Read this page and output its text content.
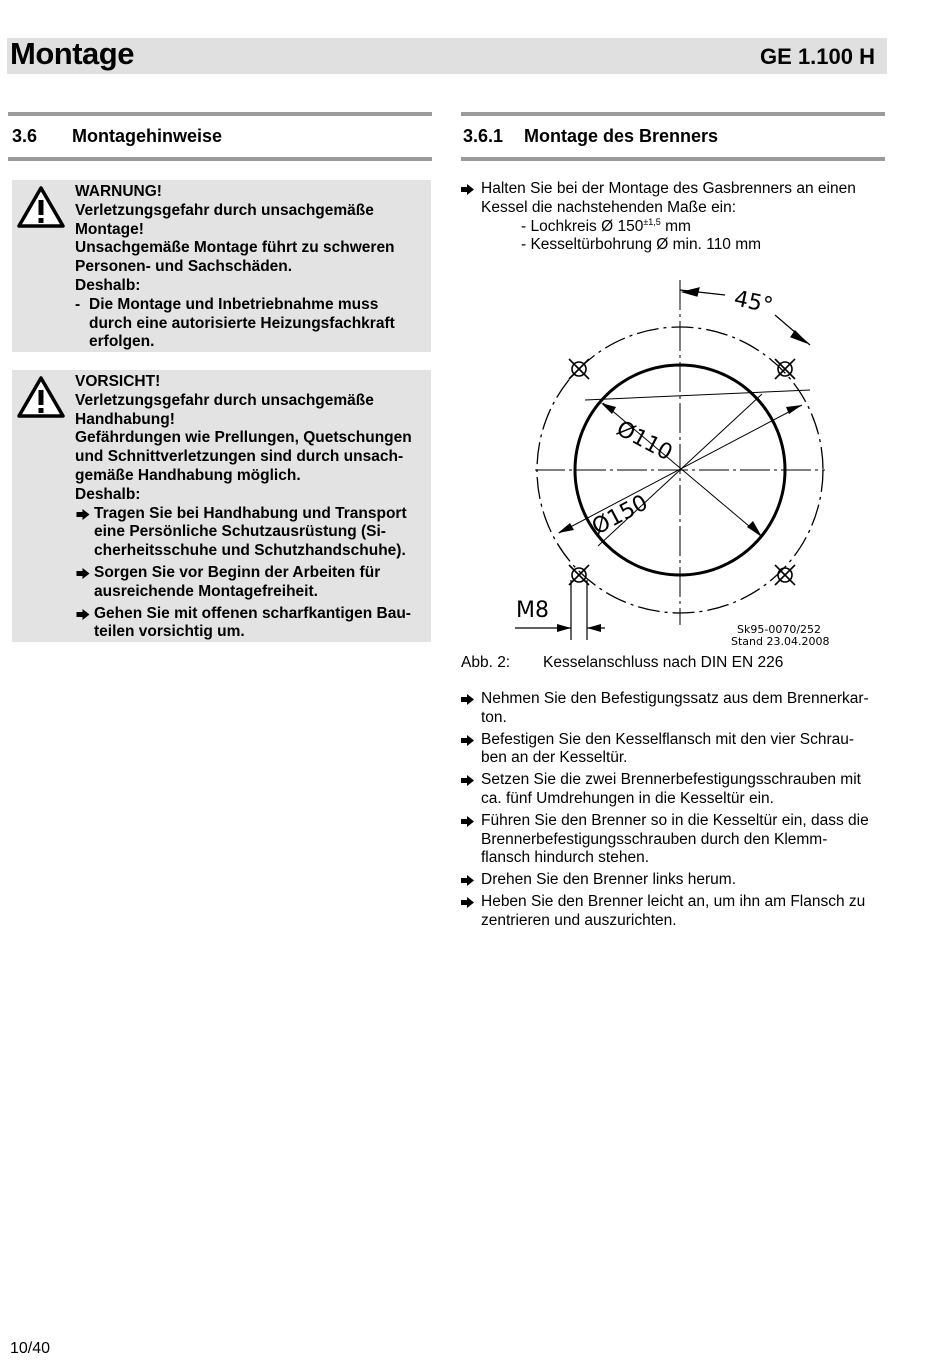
Montage	GE 1.100 H
3.6 Montagehinweise	3.6.1 Montage des Brenners
WARNUNG!
Verletzungsgefahr durch unsachgemäße
Montage!
Unsachgemäße Montage führt zu schweren
Personen- und Sachschäden.
Deshalb:
- Die Montage und Inbetriebnahme muss
durch eine autorisierte Heizungsfachkraft
erfolgen.
VORSICHT!
Verletzungsgefahr durch unsachgemäße
Handhabung!
Gefährdungen wie Prellungen, Quetschungen
und Schnittverletzungen sind durch unsach-
gemäße Handhabung möglich.
Deshalb:
Tragen Sie bei Handhabung und Transport
eine Persönliche Schutzausrüstung (Si-
cherheitsschuhe und Schutzhandschuhe).
Sorgen Sie vor Beginn der Arbeiten für
ausreichende Montagefreiheit.
Gehen Sie mit offenen scharfkantigen Bau-
teilen vorsichtig um.
Halten Sie bei der Montage des Gasbrenners an einen
Kessel die nachstehenden Maße ein:
- Lochkreis Ø $150^{\pm 1,5}$ mm
- Kesseltürbohrung Ø min. 110 mm
45°
Ø110
Ø150
M8
Sk95-0070/252
Stand 23.04.2008
Abb. 2: Kesselanschluss nach DIN EN 226
Nehmen Sie den Befestigungssatz aus dem Brennerkar-
ton.
Befestigen Sie den Kesselflansch mit den vier Schrau-
ben an der Kesseltür.
Setzen Sie die zwei Brennerbefestigungsschrauben mit
ca. fünf Umdrehungen in die Kesseltür ein.
Führen Sie den Brenner so in die Kesseltür ein, dass die
Brennerbefestigungsschrauben durch den Klemm-
flansch hindurch stehen.
Drehen Sie den Brenner links herum.
Heben Sie den Brenner leicht an, um ihn am Flansch zu
zentrieren und auszurichten.
10/40
